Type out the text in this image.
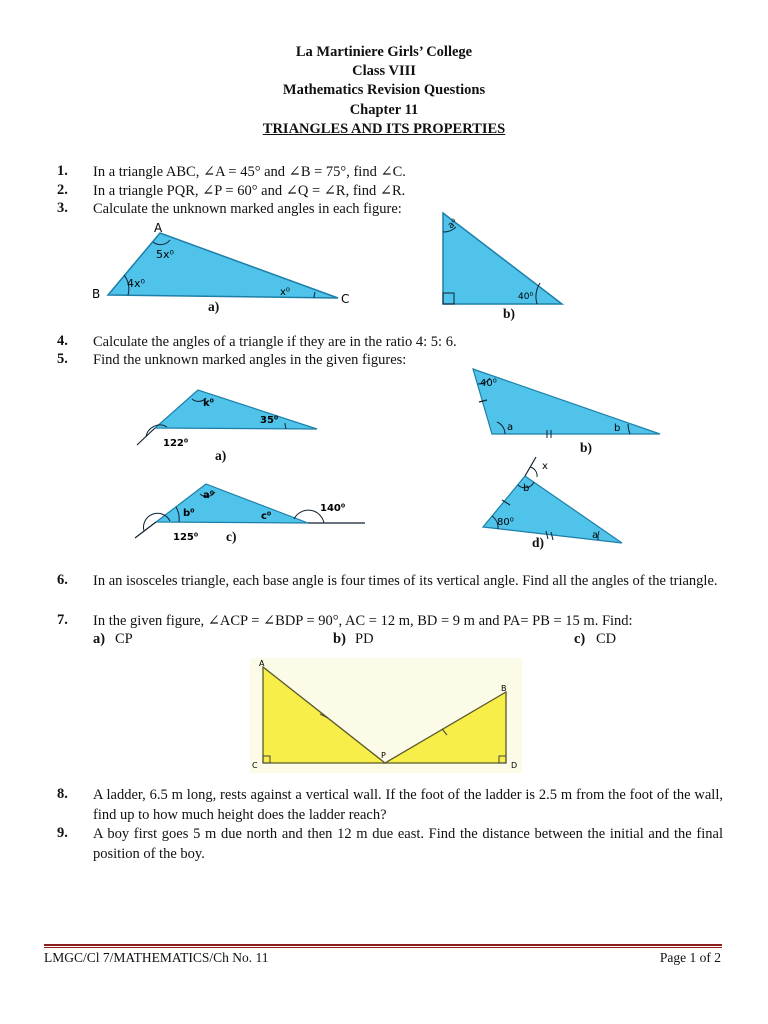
La Martiniere Girls’ College
Class VIII
Mathematics Revision Questions
Chapter 11
TRIANGLES AND ITS PROPERTIES
1. In a triangle ABC, ∠A = 45° and ∠B = 75°, find ∠C.
2. In a triangle PQR, ∠P = 60° and ∠Q = ∠R, find ∠R.
3. Calculate the unknown marked angles in each figure:
A
B	C
5x⁰
4x⁰
x⁰
a)
a⁰
40⁰
b)
4. Calculate the angles of a triangle if they are in the ratio 4: 5: 6.
5. Find the unknown marked angles in the given figures:
k⁰
35⁰
122⁰
a)
40⁰
a	b
b)
a⁰
b⁰	c⁰
125⁰
140⁰
c)
x
b
80⁰
a
d)
6. In an isosceles triangle, each base angle is four times of its vertical angle. Find all the angles of the triangle.
7. In the given figure, ∠ACP = ∠BDP = 90°, AC = 12 m, BD = 9 m and PA= PB = 15 m. Find:
a) CP	b) PD	c) CD
A
B
C	D
P
8. A ladder, 6.5 m long, rests against a vertical wall. If the foot of the ladder is 2.5 m from the foot of the wall, find up to how much height does the ladder reach?
9. A boy first goes 5 m due north and then 12 m due east. Find the distance between the initial and the final position of the boy.
LMGC/Cl 7/MATHEMATICS/Ch No. 11	Page 1 of 2
